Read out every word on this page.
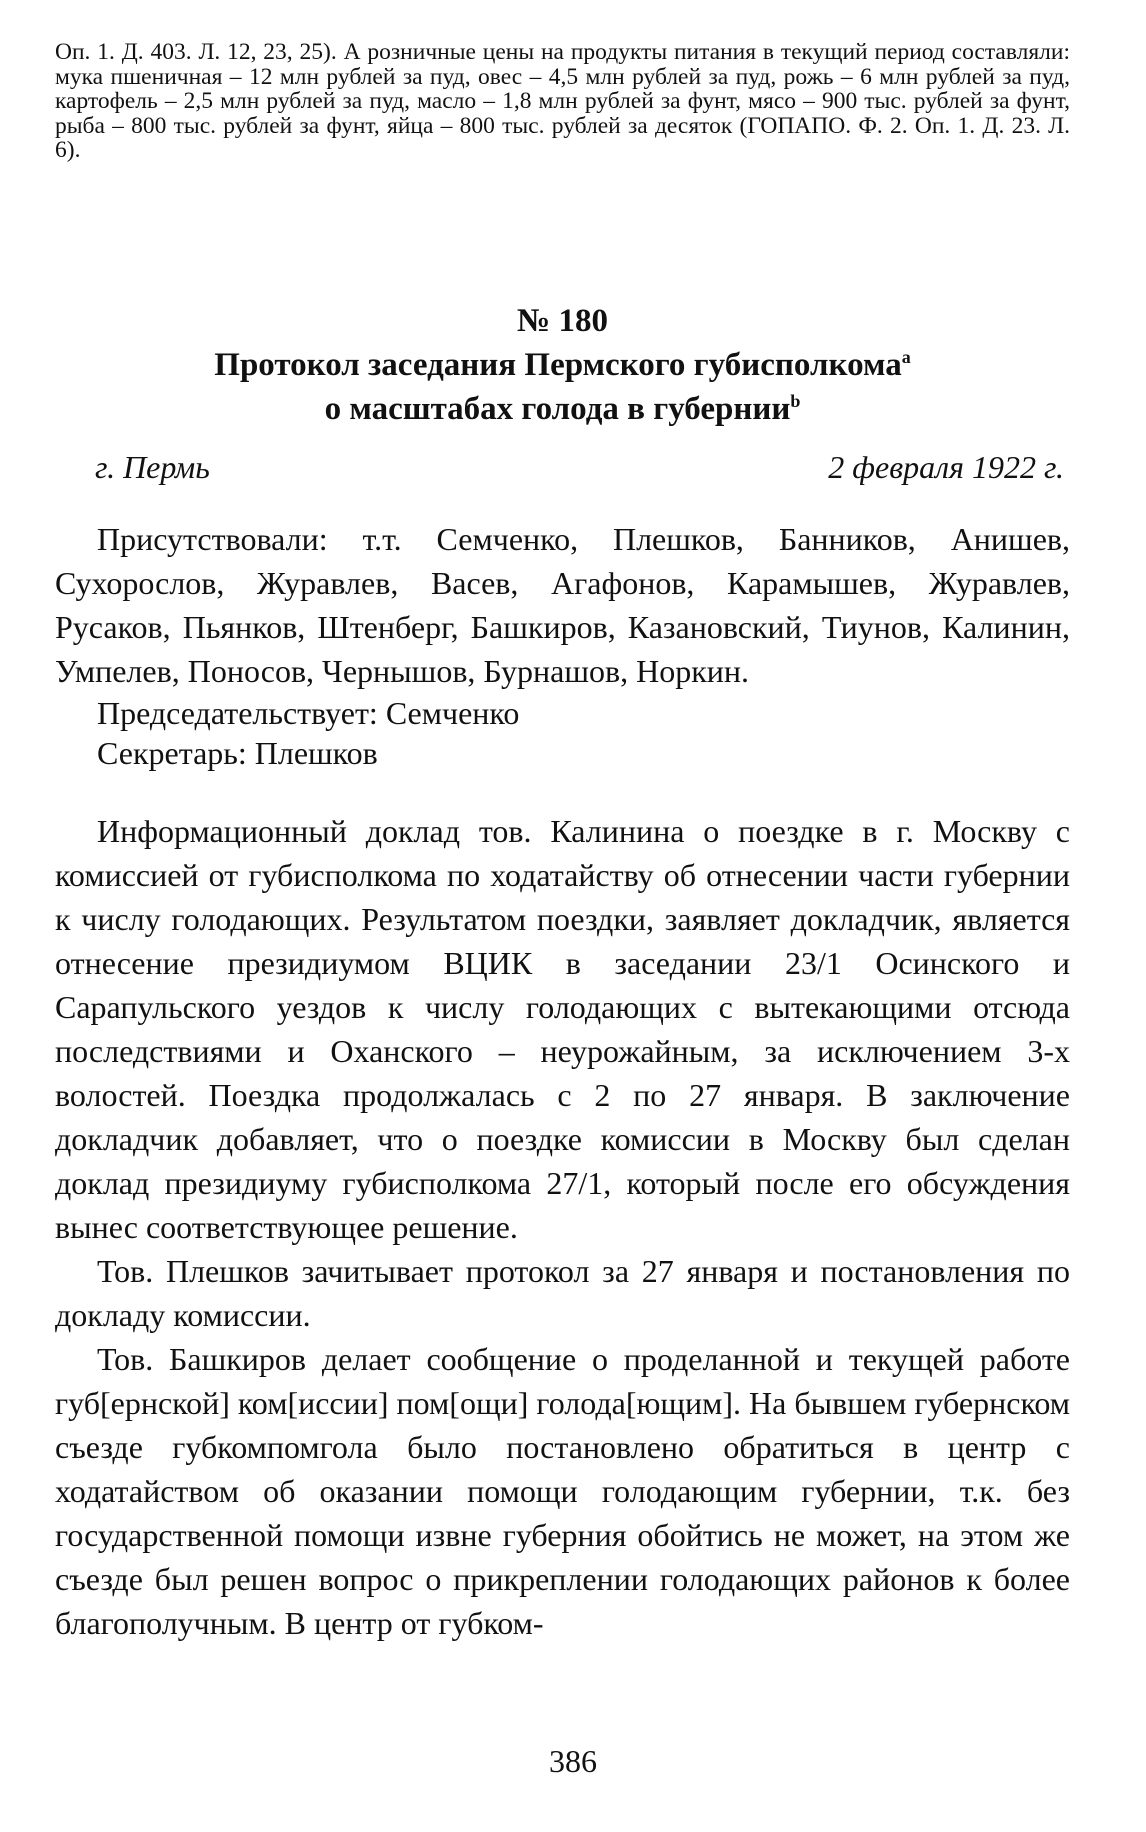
Оп. 1. Д. 403. Л. 12, 23, 25). А розничные цены на продукты питания в текущий период составляли: мука пшеничная – 12 млн рублей за пуд, овес – 4,5 млн рублей за пуд, рожь – 6 млн рублей за пуд, картофель – 2,5 млн рублей за пуд, масло – 1,8 млн рублей за фунт, мясо – 900 тыс. рублей за фунт, рыба – 800 тыс. рублей за фунт, яйца – 800 тыс. рублей за десяток (ГОПАПО. Ф. 2. Оп. 1. Д. 23. Л. 6).

№ 180

Протокол заседания Пермского губисполкома$^a$

о масштабах голода в губернии$^b$

г. Пермь	2 февраля 1922 г.

Присутствовали: т.т. Семченко, Плешков, Банников, Анишев, Сухорослов, Журавлев, Васев, Агафонов, Карамышев, Журавлев, Русаков, Пьянков, Штенберг, Башкиров, Казановский, Тиунов, Калинин, Умпелев, Поносов, Чернышов, Бурнашов, Норкин.

Председательствует: Семченко

Секретарь: Плешков

Информационный доклад тов. Калинина о поездке в г. Москву с комиссией от губисполкома по ходатайству об отнесении части губернии к числу голодающих. Результатом поездки, заявляет докладчик, является отнесение президиумом ВЦИК в заседании 23/1 Осинского и Сарапульского уездов к числу голодающих с вытекающими отсюда последствиями и Оханского – неурожайным, за исключением 3-х волостей. Поездка продолжалась с 2 по 27 января. В заключение докладчик добавляет, что о поездке комиссии в Москву был сделан доклад президиуму губисполкома 27/1, который после его обсуждения вынес соответствующее решение.

Тов. Плешков зачитывает протокол за 27 января и постановления по докладу комиссии.

Тов. Башкиров делает сообщение о проделанной и текущей работе губ[ернской] ком[иссии] пом[ощи] голода[ющим]. На бывшем губернском съезде губкомпомгола было постановлено обратиться в центр с ходатайством об оказании помощи голодающим губернии, т.к. без государственной помощи извне губерния обойтись не может, на этом же съезде был решен вопрос о прикреплении голодающих районов к более благополучным. В центр от губком-

386
